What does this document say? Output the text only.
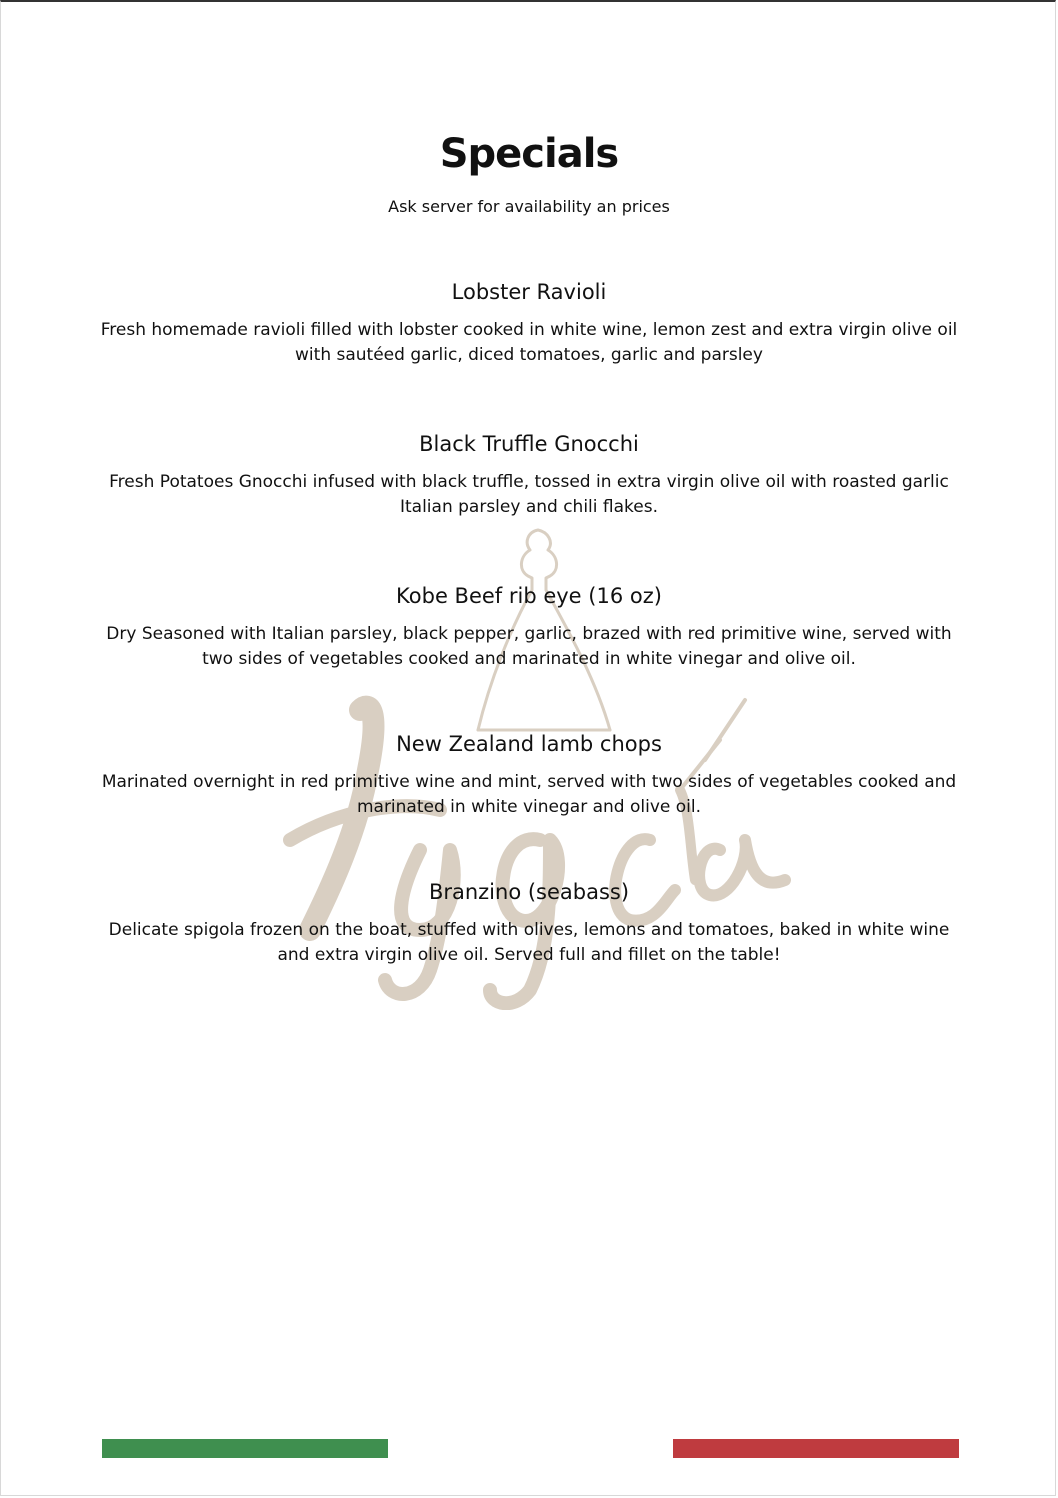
Specials
Ask server for availability an prices
Lobster Ravioli

Fresh homemade ravioli filled with lobster cooked in white wine, lemon zest and extra virgin olive oil with sautéed garlic, diced tomatoes, garlic and parsley

Black Truffle Gnocchi

Fresh Potatoes Gnocchi infused with black truffle, tossed in extra virgin olive oil with roasted garlic Italian parsley and chili flakes.

Kobe Beef rib eye (16 oz)

Dry Seasoned with Italian parsley, black pepper, garlic, brazed with red primitive wine, served with two sides of vegetables cooked and marinated in white vinegar and olive oil.

New Zealand lamb chops

Marinated overnight in red primitive wine and mint, served with two sides of vegetables cooked and marinated in white vinegar and olive oil.

Branzino (seabass)

Delicate spigola frozen on the boat, stuffed with olives, lemons and tomatoes, baked in white wine and extra virgin olive oil. Served full and fillet on the table!
